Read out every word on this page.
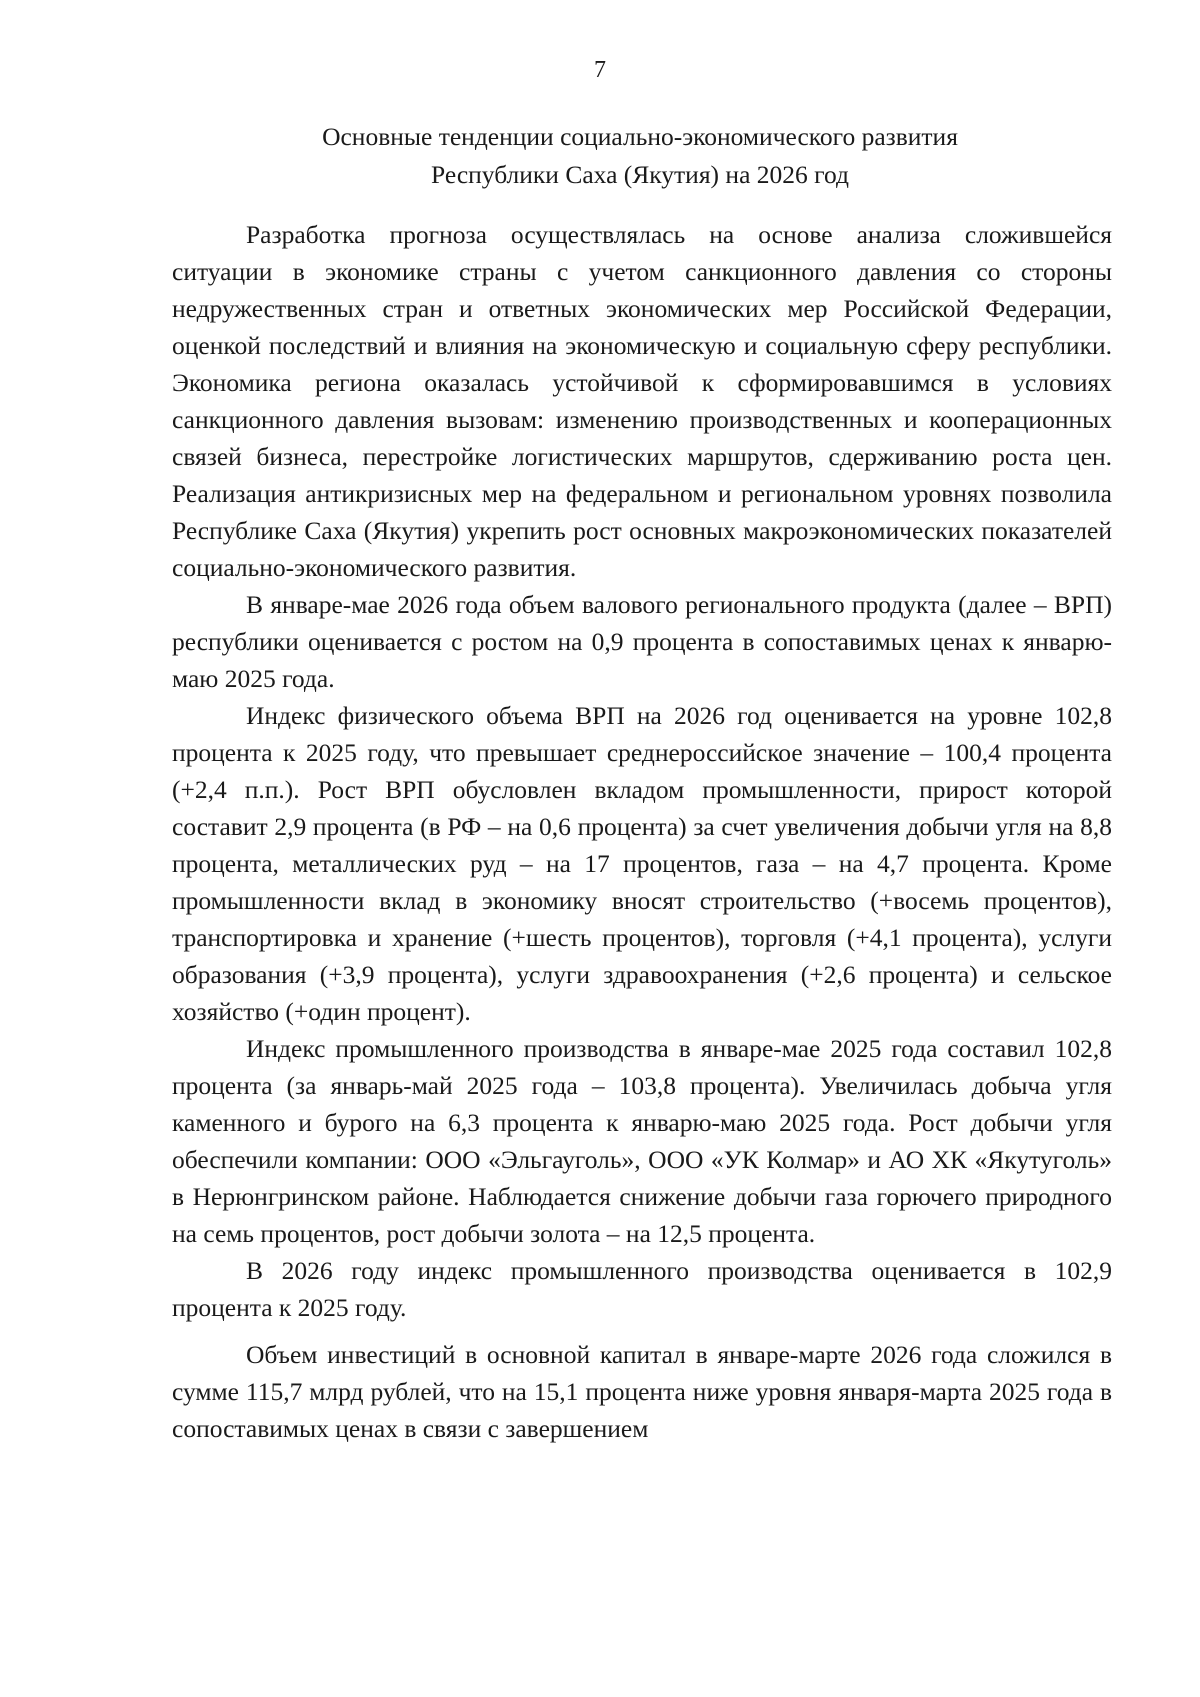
7
Основные тенденции социально-экономического развития
Республики Саха (Якутия) на 2026 год

Разработка прогноза осуществлялась на основе анализа сложившейся ситуации в экономике страны с учетом санкционного давления со стороны недружественных стран и ответных экономических мер Российской Федерации, оценкой последствий и влияния на экономическую и социальную сферу республики. Экономика региона оказалась устойчивой к сформировавшимся в условиях санкционного давления вызовам: изменению производственных и кооперационных связей бизнеса, перестройке логистических маршрутов, сдерживанию роста цен. Реализация антикризисных мер на федеральном и региональном уровнях позволила Республике Саха (Якутия) укрепить рост основных макроэкономических показателей социально-экономического развития.

В январе-мае 2026 года объем валового регионального продукта (далее – ВРП) республики оценивается с ростом на 0,9 процента в сопоставимых ценах к январю-маю 2025 года.

Индекс физического объема ВРП на 2026 год оценивается на уровне 102,8 процента к 2025 году, что превышает среднероссийское значение – 100,4 процента (+2,4 п.п.). Рост ВРП обусловлен вкладом промышленности, прирост которой составит 2,9 процента (в РФ – на 0,6 процента) за счет увеличения добычи угля на 8,8 процента, металлических руд – на 17 процентов, газа – на 4,7 процента. Кроме промышленности вклад в экономику вносят строительство (+восемь процентов), транспортировка и хранение (+шесть процентов), торговля (+4,1 процента), услуги образования (+3,9 процента), услуги здравоохранения (+2,6 процента) и сельское хозяйство (+один процент).

Индекс промышленного производства в январе-мае 2025 года составил 102,8 процента (за январь-май 2025 года – 103,8 процента). Увеличилась добыча угля каменного и бурого на 6,3 процента к январю-маю 2025 года. Рост добычи угля обеспечили компании: ООО «Эльгауголь», ООО «УК Колмар» и АО ХК «Якутуголь» в Нерюнгринском районе. Наблюдается снижение добычи газа горючего природного на семь процентов, рост добычи золота – на 12,5 процента.

В 2026 году индекс промышленного производства оценивается в 102,9 процента к 2025 году.

Объем инвестиций в основной капитал в январе-марте 2026 года сложился в сумме 115,7 млрд рублей, что на 15,1 процента ниже уровня января-марта 2025 года в сопоставимых ценах в связи с завершением
